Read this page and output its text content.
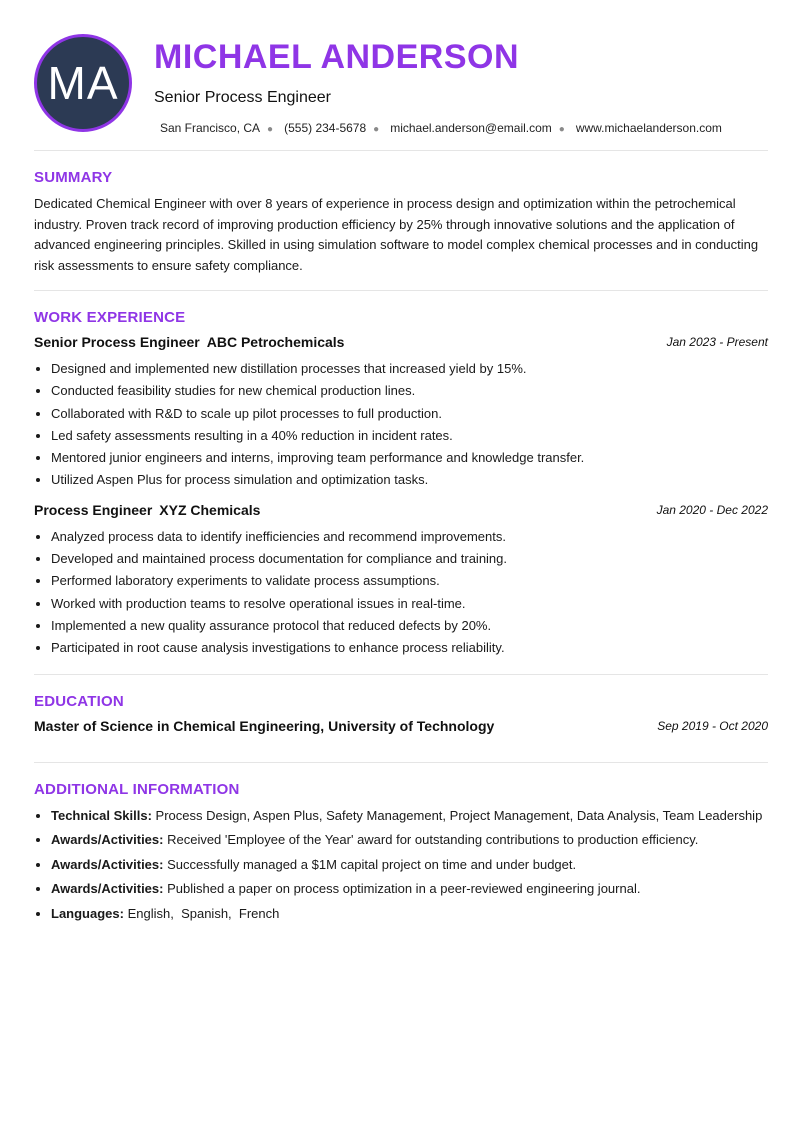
MA MICHAEL ANDERSON
Senior Process Engineer
San Francisco, CA ● (555) 234-5678 ● michael.anderson@email.com ● www.michaelanderson.com
SUMMARY

Dedicated Chemical Engineer with over 8 years of experience in process design and optimization within the petrochemical industry. Proven track record of improving production efficiency by 25% through innovative solutions and the application of advanced engineering principles. Skilled in using simulation software to model complex chemical processes and in conducting risk assessments to ensure safety compliance.

WORK EXPERIENCE
Senior Process Engineer ABC Petrochemicals	Jan 2023 - Present
• Designed and implemented new distillation processes that increased yield by 15%.
• Conducted feasibility studies for new chemical production lines.
• Collaborated with R&D to scale up pilot processes to full production.
• Led safety assessments resulting in a 40% reduction in incident rates.
• Mentored junior engineers and interns, improving team performance and knowledge transfer.
• Utilized Aspen Plus for process simulation and optimization tasks.
Process Engineer XYZ Chemicals	Jan 2020 - Dec 2022
• Analyzed process data to identify inefficiencies and recommend improvements.
• Developed and maintained process documentation for compliance and training.
• Performed laboratory experiments to validate process assumptions.
• Worked with production teams to resolve operational issues in real-time.
• Implemented a new quality assurance protocol that reduced defects by 20%.
• Participated in root cause analysis investigations to enhance process reliability.
EDUCATION
Master of Science in Chemical Engineering, University of Technology	Sep 2019 - Oct 2020
ADDITIONAL INFORMATION
• Technical Skills: Process Design, Aspen Plus, Safety Management, Project Management, Data Analysis, Team Leadership
• Awards/Activities: Received 'Employee of the Year' award for outstanding contributions to production efficiency.
• Awards/Activities: Successfully managed a $1M capital project on time and under budget.
• Awards/Activities: Published a paper on process optimization in a peer-reviewed engineering journal.
• Languages: English,  Spanish,  French
